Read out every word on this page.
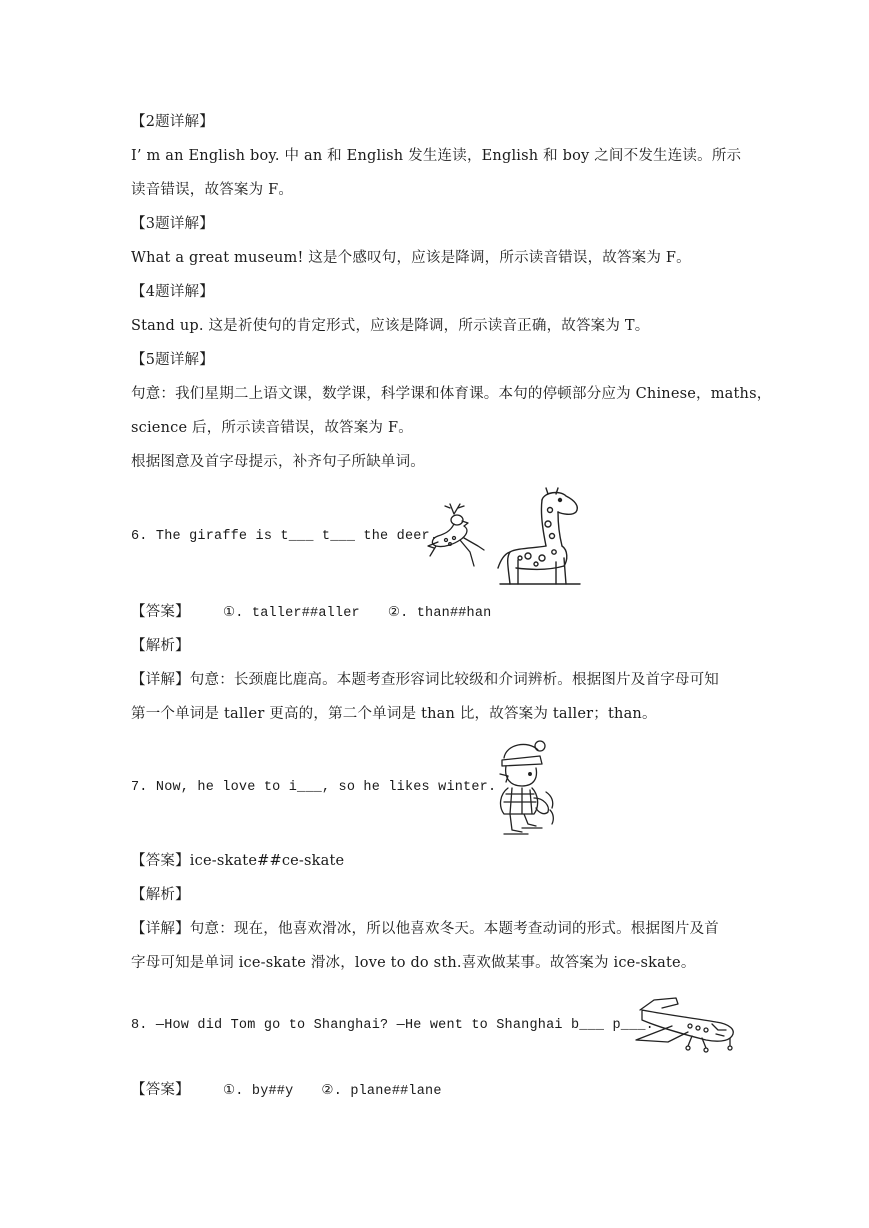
【2题详解】
I’ m an English boy. 中 an 和 English 发生连读，English 和 boy 之间不发生连读。所示
读音错误，故答案为 F。
【3题详解】
What a great museum! 这是个感叹句，应该是降调，所示读音错误，故答案为 F。
【4题详解】
Stand up. 这是祈使句的肯定形式，应该是降调，所示读音正确，故答案为 T。
【5题详解】
句意：我们星期二上语文课，数学课，科学课和体育课。本句的停顿部分应为 Chinese，maths，
science 后，所示读音错误，故答案为 F。
根据图意及首字母提示，补齐句子所缺单词。
6. The giraffe is t___ t___ the deer.
【答案】 ①. taller##aller ②. than##han
【解析】
【详解】句意：长颈鹿比鹿高。本题考查形容词比较级和介词辨析。根据图片及首字母可知
第一个单词是 taller 更高的，第二个单词是 than 比，故答案为 taller；than。
7. Now, he love to i___, so he likes winter.
【答案】ice-skate##ce-skate
【解析】
【详解】句意：现在，他喜欢滑冰，所以他喜欢冬天。本题考查动词的形式。根据图片及首
字母可知是单词 ice-skate 滑冰，love to do sth.喜欢做某事。故答案为 ice-skate。
8. —How did Tom go to Shanghai? —He went to Shanghai b___ p___.
【答案】 ①. by##y ②. plane##lane
